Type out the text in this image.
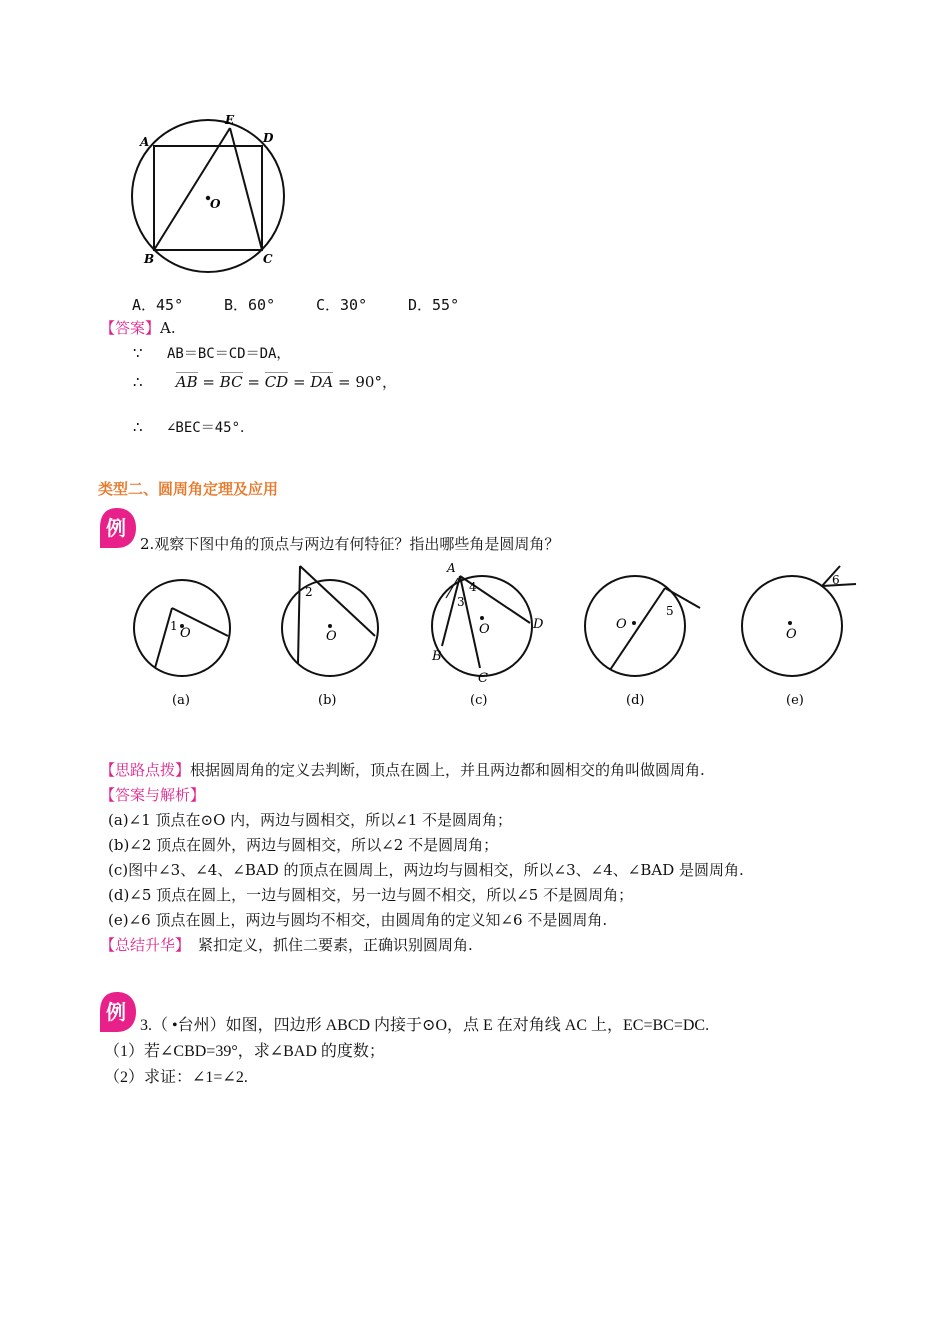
A
E
D
O
B	C
A．45°	B．60°	C．30°	D．55°
【答案】A.
∵ AB＝BC＝CD＝DA，
∴ AB = BC = CD = DA = 90°，
∴ ∠BEC＝45°．
类型二、圆周角定理及应用
例
2.观察下图中角的顶点与两边有何特征？指出哪些角是圆周角？
1 O
2
O
A
3
4
O	D
B
C
O
5
O
6
(a)	(b)	(c)	(d)	(e)
【思路点拨】根据圆周角的定义去判断，顶点在圆上，并且两边都和圆相交的角叫做圆周角.
【答案与解析】
(a)∠1 顶点在⊙O 内，两边与圆相交，所以∠1 不是圆周角；
(b)∠2 顶点在圆外，两边与圆相交，所以∠2 不是圆周角；
(c)图中∠3、∠4、∠BAD 的顶点在圆周上，两边均与圆相交，所以∠3、∠4、∠BAD 是圆周角.
(d)∠5 顶点在圆上，一边与圆相交，另一边与圆不相交，所以∠5 不是圆周角；
(e)∠6 顶点在圆上，两边与圆均不相交，由圆周角的定义知∠6 不是圆周角.
【总结升华】 紧扣定义，抓住二要素，正确识别圆周角.
例
3.（ •台州）如图，四边形 ABCD 内接于⊙O，点 E 在对角线 AC 上，EC=BC=DC.
（1）若∠CBD=39°，求∠BAD 的度数；
（2）求证：∠1=∠2.
